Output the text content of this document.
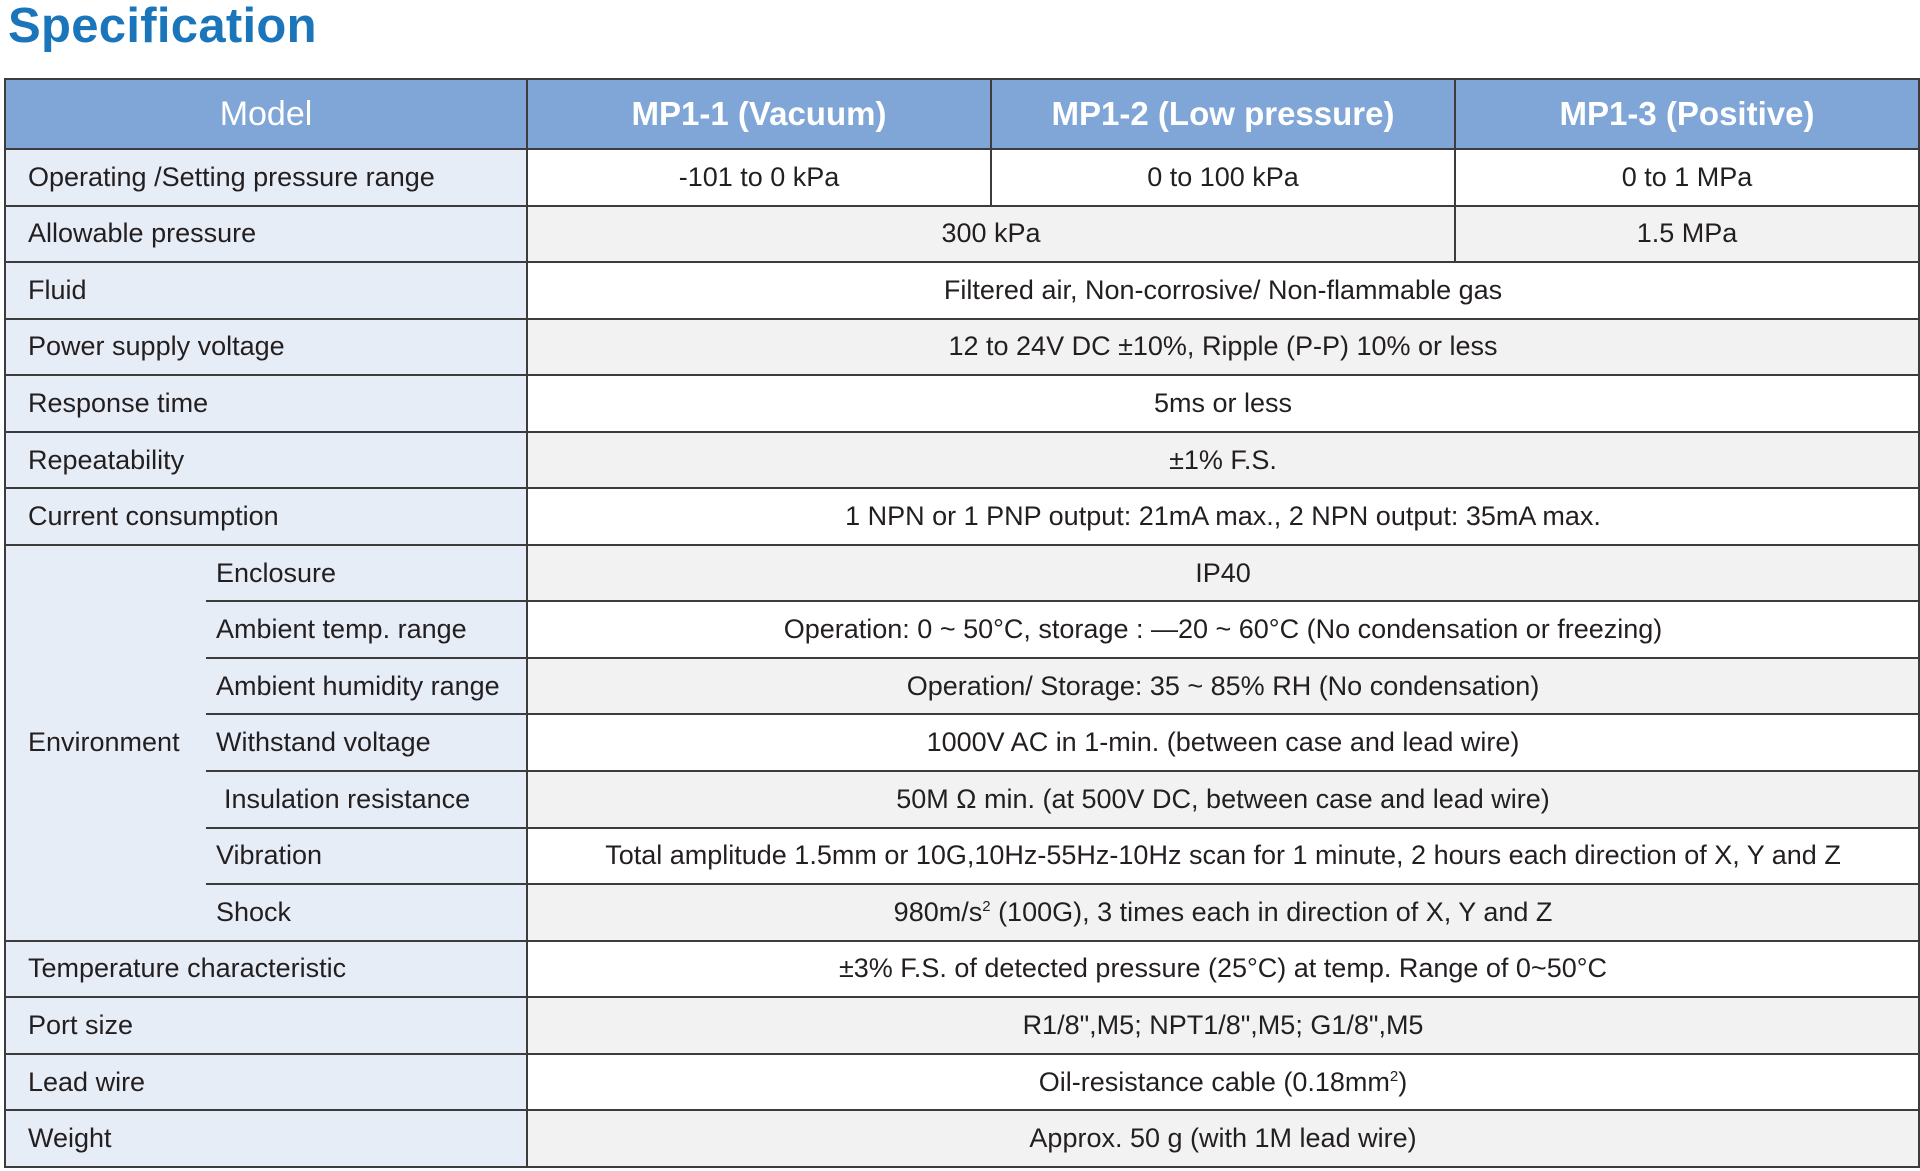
Specification
Model		MP1-1 (Vacuum)	MP1-2 (Low pressure)	MP1-3 (Positive)
Operating /Setting pressure range		-101 to 0 kPa	0 to 100 kPa	0 to 1 MPa
Allowable pressure		300 kPa		1.5 MPa
Fluid		Filtered air, Non-corrosive/ Non-flammable gas		
Power supply voltage		12 to 24V DC ±10%, Ripple (P-P) 10% or less		
Response time		5ms or less		
Repeatability		±1% F.S.		
Current consumption		1 NPN or 1 PNP output: 21mA max., 2 NPN output: 35mA max.		
Environment	Enclosure	IP40		
	Ambient temp. range	Operation: 0 ~ 50°C, storage : —20 ~ 60°C (No condensation or freezing)		
	Ambient humidity range	Operation/ Storage: 35 ~ 85% RH (No condensation)		
	Withstand voltage	1000V AC in 1-min. (between case and lead wire)		
	Insulation resistance	50M Ω min. (at 500V DC, between case and lead wire)		
	Vibration	Total amplitude 1.5mm or 10G,10Hz-55Hz-10Hz scan for 1 minute, 2 hours each direction of X, Y and Z		
	Shock	$980m/s^2$ (100G), 3 times each in direction of X, Y and Z		
Temperature characteristic		±3% F.S. of detected pressure (25°C) at temp. Range of 0~50°C		
Port size		R1/8",M5; NPT1/8",M5; G1/8",M5		
Lead wire		Oil-resistance cable $(0.18mm^2)$		
Weight		Approx. 50 g (with 1M lead wire)		
